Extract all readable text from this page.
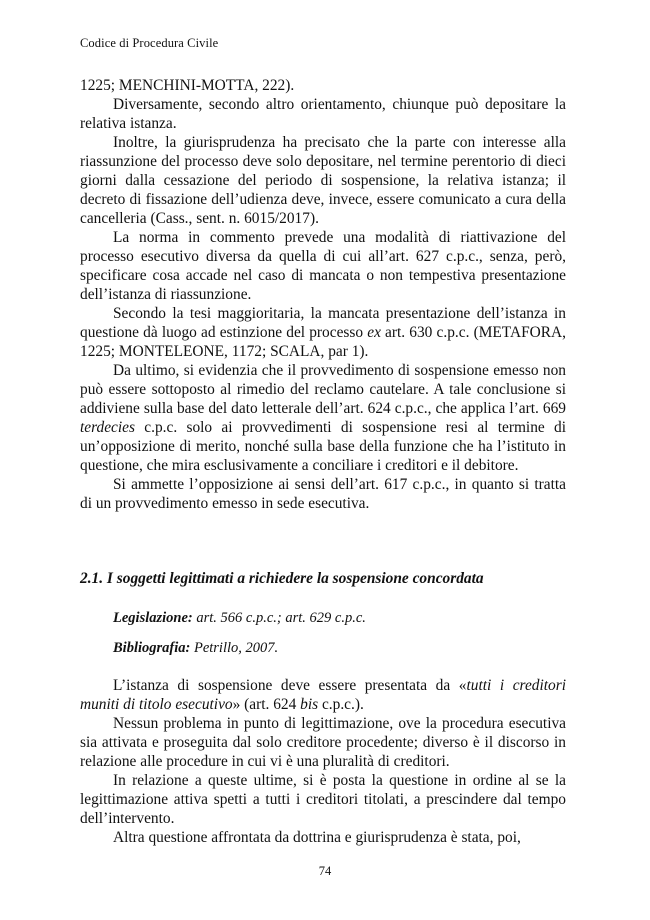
Codice di Procedura Civile

1225; MENCHINI-MOTTA, 222).

Diversamente, secondo altro orientamento, chiunque può depositare la relativa istanza.

Inoltre, la giurisprudenza ha precisato che la parte con interesse alla riassunzione del processo deve solo depositare, nel termine perentorio di dieci giorni dalla cessazione del periodo di sospensione, la relativa istanza; il decreto di fissazione dell’udienza deve, invece, essere comunicato a cura della cancelleria (Cass., sent. n. 6015/2017).

La norma in commento prevede una modalità di riattivazione del processo esecutivo diversa da quella di cui all’art. 627 c.p.c., senza, però, specificare cosa accade nel caso di mancata o non tempestiva presentazione dell’istanza di riassunzione.

Secondo la tesi maggioritaria, la mancata presentazione dell’istanza in questione dà luogo ad estinzione del processo ex art. 630 c.p.c. (METAFORA, 1225; MONTELEONE, 1172; SCALA, par 1).

Da ultimo, si evidenzia che il provvedimento di sospensione emesso non può essere sottoposto al rimedio del reclamo cautelare. A tale conclusione si addiviene sulla base del dato letterale dell’art. 624 c.p.c., che applica l’art. 669 terdecies c.p.c. solo ai provvedimenti di sospensione resi al termine di un’opposizione di merito, nonché sulla base della funzione che ha l’istituto in questione, che mira esclusivamente a conciliare i creditori e il debitore.

Si ammette l’opposizione ai sensi dell’art. 617 c.p.c., in quanto si tratta di un provvedimento emesso in sede esecutiva.

2.1. I soggetti legittimati a richiedere la sospensione concordata
Legislazione: art. 566 c.p.c.; art. 629 c.p.c.
Bibliografia: Petrillo, 2007.

L’istanza di sospensione deve essere presentata da «tutti i creditori muniti di titolo esecutivo» (art. 624 bis c.p.c.).

Nessun problema in punto di legittimazione, ove la procedura esecutiva sia attivata e proseguita dal solo creditore procedente; diverso è il discorso in relazione alle procedure in cui vi è una pluralità di creditori.

In relazione a queste ultime, si è posta la questione in ordine al se la legittimazione attiva spetti a tutti i creditori titolati, a prescindere dal tempo dell’intervento.

Altra questione affrontata da dottrina e giurisprudenza è stata, poi,

74
